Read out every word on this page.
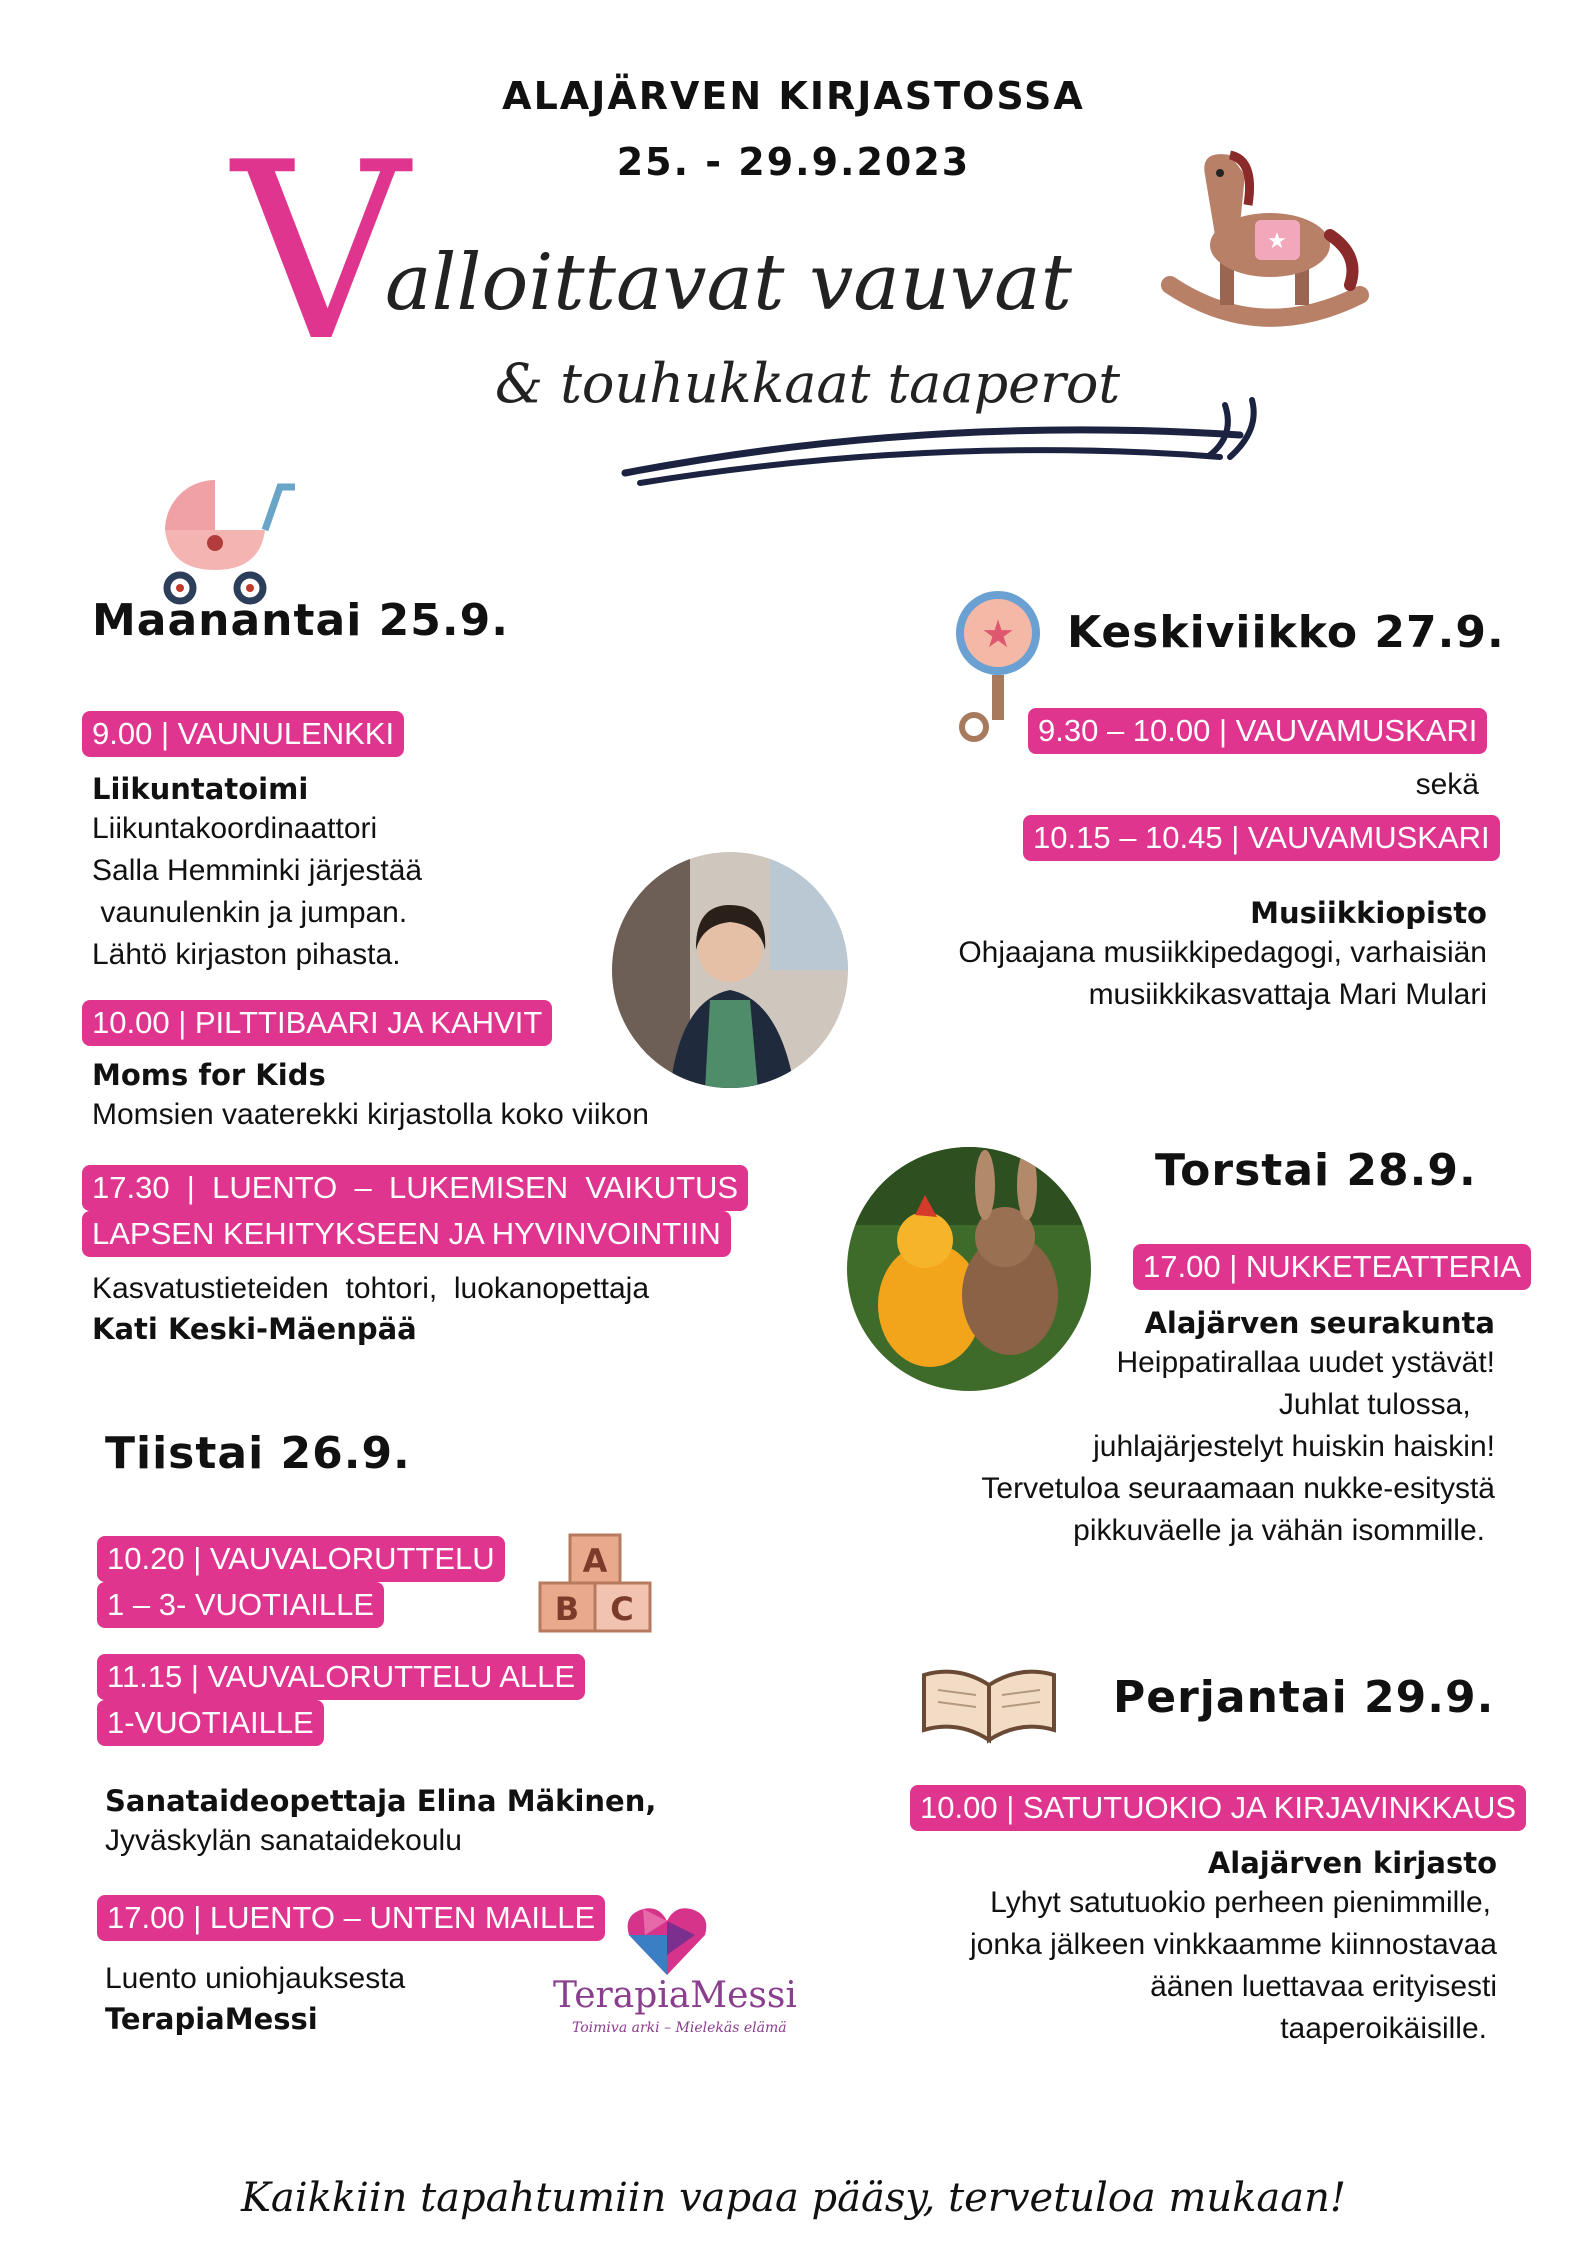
ALAJÄRVEN KIRJASTOSSA
25. - 29.9.2023
V
alloittavat vauvat
& touhukkaat taaperot
★
Maanantai 25.9.
9.00 | VAUNULENKKI
Liikuntatoimi
Liikuntakoordinaattori
Salla Hemminki järjestää
vaunulenkin ja jumpan.
Lähtö kirjaston pihasta.
10.00 | PILTTIBAARI JA KAHVIT
Moms for Kids
Momsien vaaterekki kirjastolla koko viikon
17.30  |  LUENTO  –  LUKEMISEN  VAIKUTUS
LAPSEN KEHITYKSEEN JA HYVINVOINTIIN
Kasvatustieteiden  tohtori,  luokanopettaja
Kati Keski-Mäenpää
Tiistai 26.9.
10.20 | VAUVALORUTTELU
1 – 3- VUOTIAILLE
A
B C
11.15 | VAUVALORUTTELU ALLE
1-VUOTIAILLE
Sanataideopettaja Elina Mäkinen,
Jyväskylän sanataidekoulu
17.00 | LUENTO – UNTEN MAILLE
Luento uniohjauksesta
TerapiaMessi
TerapiaMessi
Toimiva arki – Mielekäs elämä
★ Keskiviikko 27.9.
9.30 – 10.00 | VAUVAMUSKARI
sekä
10.15 – 10.45 | VAUVAMUSKARI
Musiikkiopisto
Ohjaajana musiikkipedagogi, varhaisiän
musiikkikasvattaja Mari Mulari
Torstai 28.9.
17.00 | NUKKETEATTERIA
Alajärven seurakunta
Heippatirallaa uudet ystävät!
Juhlat tulossa,
juhlajärjestelyt huiskin haiskin!
Tervetuloa seuraamaan nukke-esitystä
pikkuväelle ja vähän isommille.
Perjantai 29.9.
10.00 | SATUTUOKIO JA KIRJAVINKKAUS
Alajärven kirjasto
Lyhyt satutuokio perheen pienimmille,
jonka jälkeen vinkkaamme kiinnostavaa
äänen luettavaa erityisesti
taaperoikäisille.
Kaikkiin tapahtumiin vapaa pääsy, tervetuloa mukaan!
